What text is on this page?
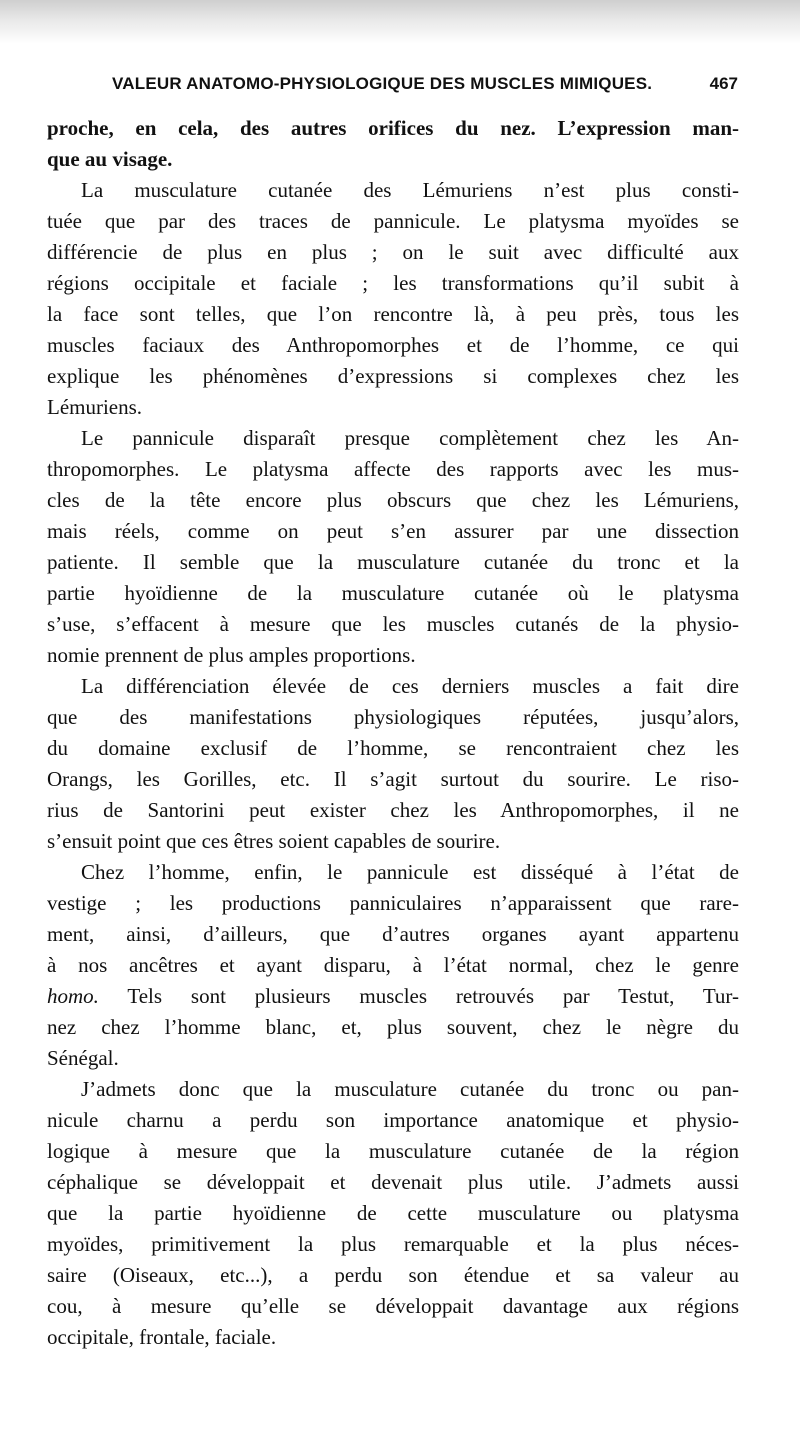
VALEUR ANATOMO-PHYSIOLOGIQUE DES MUSCLES MIMIQUES.	467
proche, en cela, des autres orifices du nez. L’expression man-
que au visage.
La musculature cutanée des Lémuriens n’est plus consti-
tuée que par des traces de pannicule. Le platysma myoïdes se
différencie de plus en plus ; on le suit avec difficulté aux
régions occipitale et faciale ; les transformations qu’il subit à
la face sont telles, que l’on rencontre là, à peu près, tous les
muscles faciaux des Anthropomorphes et de l’homme, ce qui
explique les phénomènes d’expressions si complexes chez les
Lémuriens.
Le pannicule disparaît presque complètement chez les An-
thropomorphes. Le platysma affecte des rapports avec les mus-
cles de la tête encore plus obscurs que chez les Lémuriens,
mais réels, comme on peut s’en assurer par une dissection
patiente. Il semble que la musculature cutanée du tronc et la
partie hyoïdienne de la musculature cutanée où le platysma
s’use, s’effacent à mesure que les muscles cutanés de la physio-
nomie prennent de plus amples proportions.
La différenciation élevée de ces derniers muscles a fait dire
que des manifestations physiologiques réputées, jusqu’alors,
du domaine exclusif de l’homme, se rencontraient chez les
Orangs, les Gorilles, etc. Il s’agit surtout du sourire. Le riso-
rius de Santorini peut exister chez les Anthropomorphes, il ne
s’ensuit point que ces êtres soient capables de sourire.
Chez l’homme, enfin, le pannicule est disséqué à l’état de
vestige ; les productions panniculaires n’apparaissent que rare-
ment, ainsi, d’ailleurs, que d’autres organes ayant appartenu
à nos ancêtres et ayant disparu, à l’état normal, chez le genre
homo. Tels sont plusieurs muscles retrouvés par Testut, Tur-
nez chez l’homme blanc, et, plus souvent, chez le nègre du
Sénégal.
J’admets donc que la musculature cutanée du tronc ou pan-
nicule charnu a perdu son importance anatomique et physio-
logique à mesure que la musculature cutanée de la région
céphalique se développait et devenait plus utile. J’admets aussi
que la partie hyoïdienne de cette musculature ou platysma
myoïdes, primitivement la plus remarquable et la plus néces-
saire (Oiseaux, etc...), a perdu son étendue et sa valeur au
cou, à mesure qu’elle se développait davantage aux régions
occipitale, frontale, faciale.
